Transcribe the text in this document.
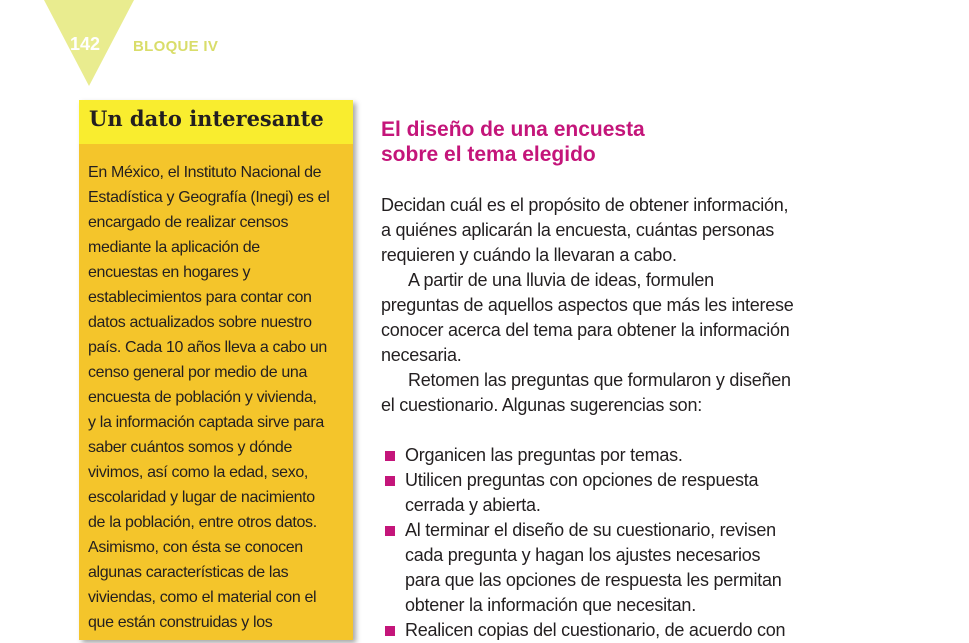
142 BLOQUE IV
Un dato interesante
En México, el Instituto Nacional de
Estadística y Geografía (Inegi) es el
encargado de realizar censos
mediante la aplicación de
encuestas en hogares y
establecimientos para contar con
datos actualizados sobre nuestro
país. Cada 10 años lleva a cabo un
censo general por medio de una
encuesta de población y vivienda,
y la información captada sirve para
saber cuántos somos y dónde
vivimos, así como la edad, sexo,
escolaridad y lugar de nacimiento
de la población, entre otros datos.
Asimismo, con ésta se conocen
algunas características de las
viviendas, como el material con el
que están construidas y los
El diseño de una encuesta
sobre el tema elegido
Decidan cuál es el propósito de obtener información,
a quiénes aplicarán la encuesta, cuántas personas
requieren y cuándo la llevaran a cabo.
A partir de una lluvia de ideas, formulen
preguntas de aquellos aspectos que más les interese
conocer acerca del tema para obtener la información
necesaria.
Retomen las preguntas que formularon y diseñen
el cuestionario. Algunas sugerencias son:
Organicen las preguntas por temas.
Utilicen preguntas con opciones de respuesta
cerrada y abierta.
Al terminar el diseño de su cuestionario, revisen
cada pregunta y hagan los ajustes necesarios
para que las opciones de respuesta les permitan
obtener la información que necesitan.
Realicen copias del cuestionario, de acuerdo con
